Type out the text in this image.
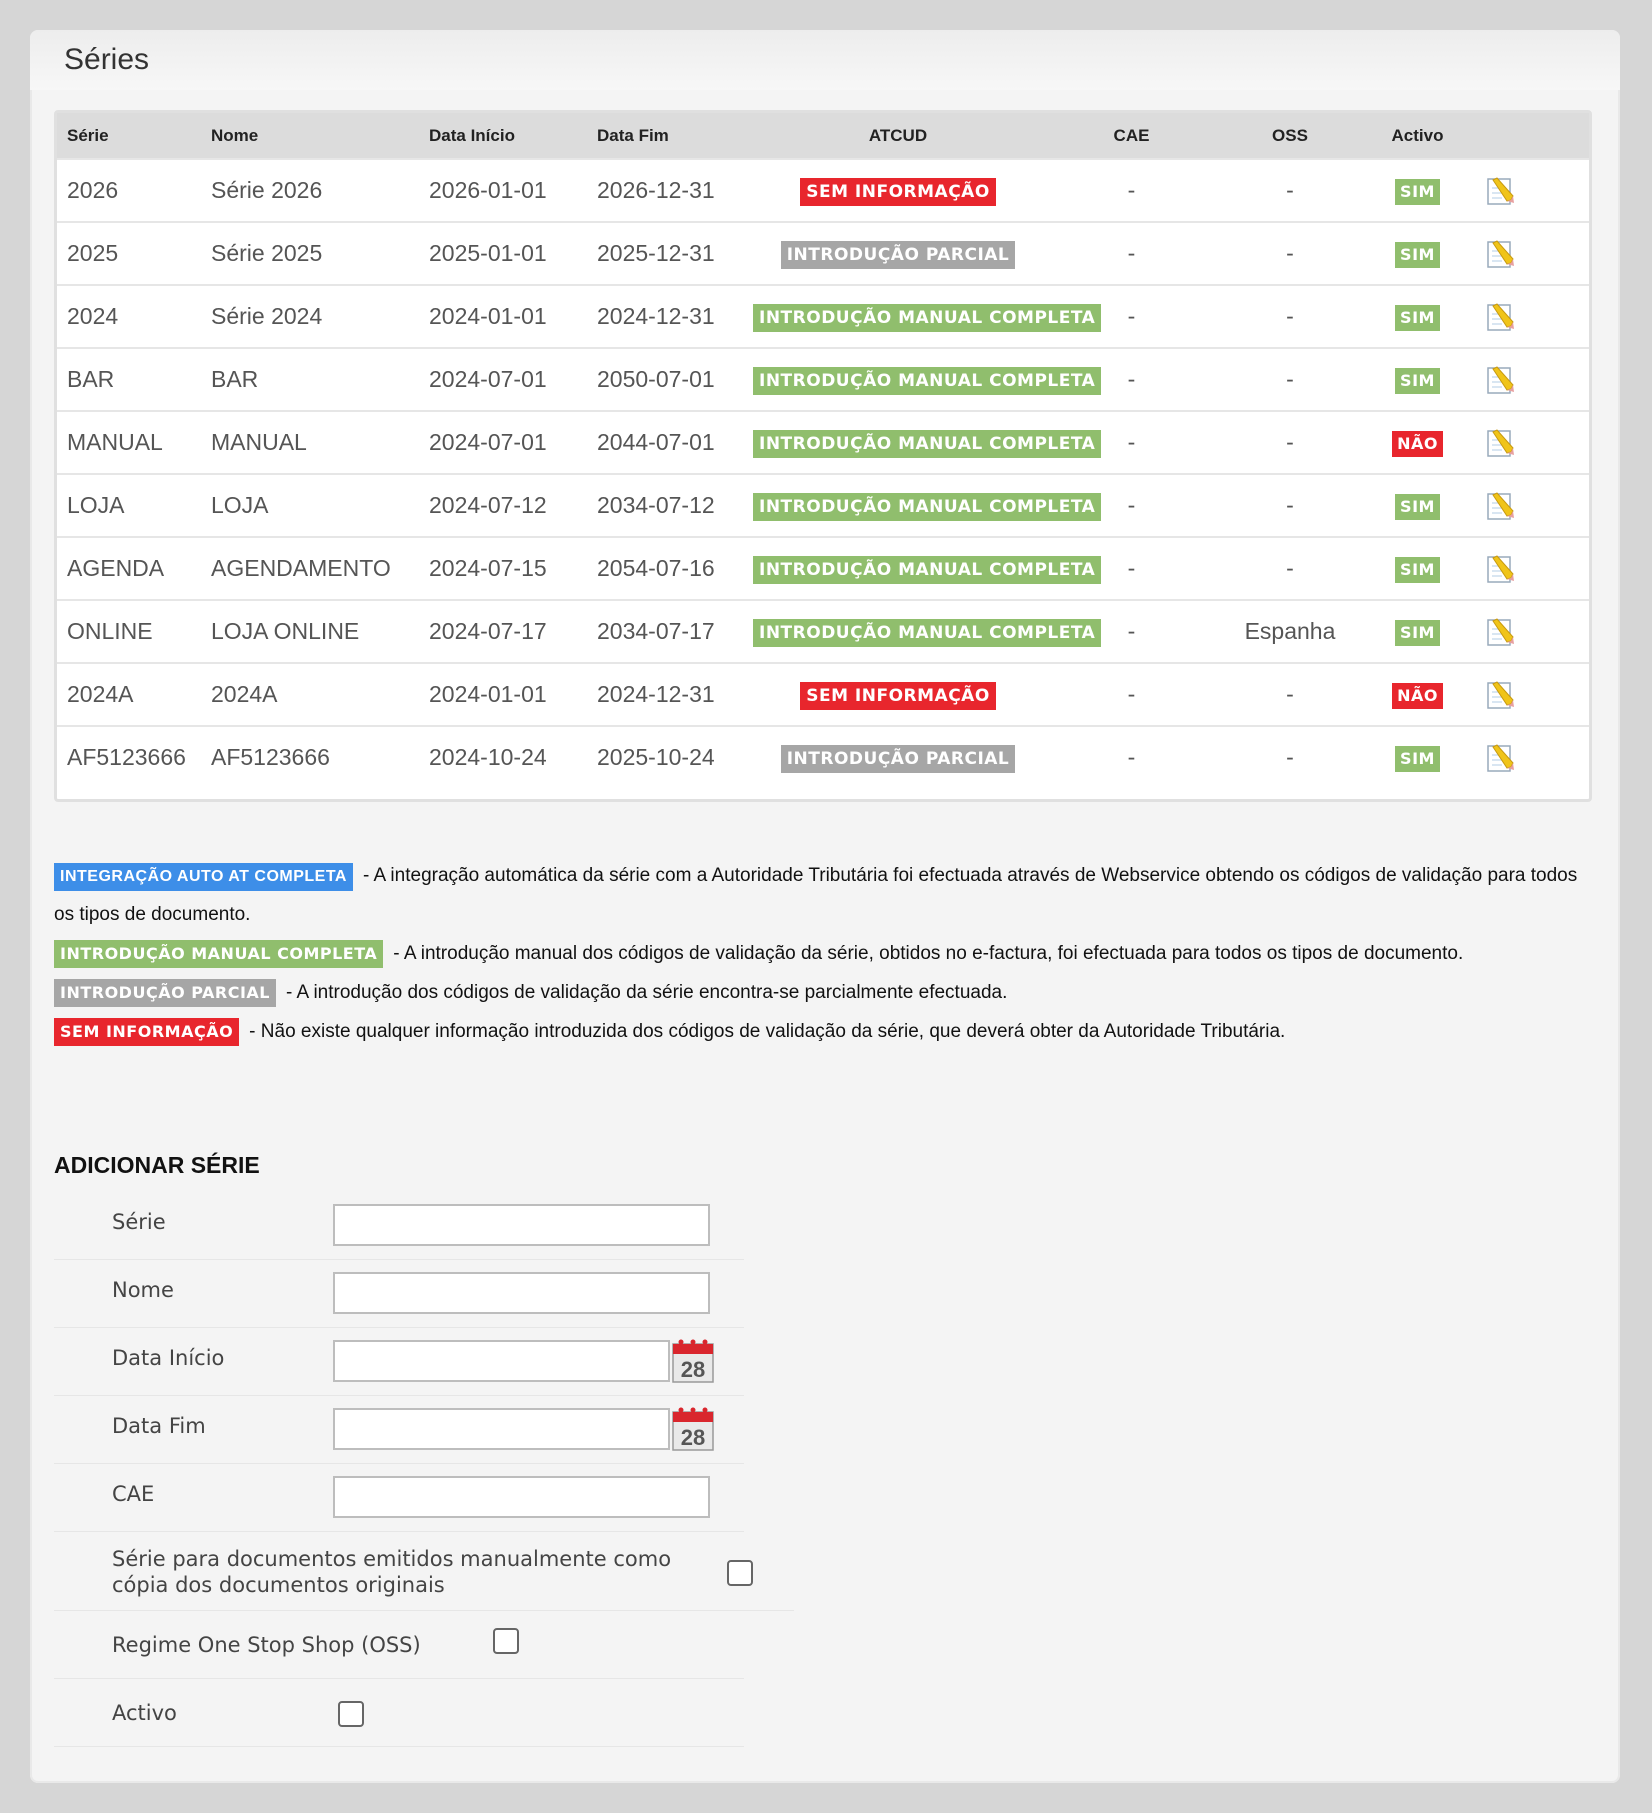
Séries
Série	Nome	Data Início	Data Fim	ATCUD	CAE	OSS	Activo	
2026	Série 2026	2026-01-01	2026-12-31	SEM INFORMAÇÃO	-	-	SIM	
2025	Série 2025	2025-01-01	2025-12-31	INTRODUÇÃO PARCIAL	-	-	SIM	
2024	Série 2024	2024-01-01	2024-12-31	INTRODUÇÃO MANUAL COMPLETA	-	-	SIM	
BAR	BAR	2024-07-01	2050-07-01	INTRODUÇÃO MANUAL COMPLETA	-	-	SIM	
MANUAL	MANUAL	2024-07-01	2044-07-01	INTRODUÇÃO MANUAL COMPLETA	-	-	NÃO	
LOJA	LOJA	2024-07-12	2034-07-12	INTRODUÇÃO MANUAL COMPLETA	-	-	SIM	
AGENDA	AGENDAMENTO	2024-07-15	2054-07-16	INTRODUÇÃO MANUAL COMPLETA	-	-	SIM	
ONLINE	LOJA ONLINE	2024-07-17	2034-07-17	INTRODUÇÃO MANUAL COMPLETA	-	Espanha	SIM	
2024A	2024A	2024-01-01	2024-12-31	SEM INFORMAÇÃO	-	-	NÃO	
AF5123666	AF5123666	2024-10-24	2025-10-24	INTRODUÇÃO PARCIAL	-	-	SIM	

INTEGRAÇÃO AUTO AT COMPLETA - A integração automática da série com a Autoridade Tributária foi efectuada através de Webservice obtendo os códigos de validação para todos os tipos de documento.

INTRODUÇÃO MANUAL COMPLETA - A introdução manual dos códigos de validação da série, obtidos no e-factura, foi efectuada para todos os tipos de documento.

INTRODUÇÃO PARCIAL - A introdução dos códigos de validação da série encontra-se parcialmente efectuada.

SEM INFORMAÇÃO - Não existe qualquer informação introduzida dos códigos de validação da série, que deverá obter da Autoridade Tributária.

ADICIONAR SÉRIE
Série
Nome
Data Início	28
Data Fim	28
CAE
Série para documentos emitidos manualmente como cópia dos documentos originais
Regime One Stop Shop (OSS)
Activo
